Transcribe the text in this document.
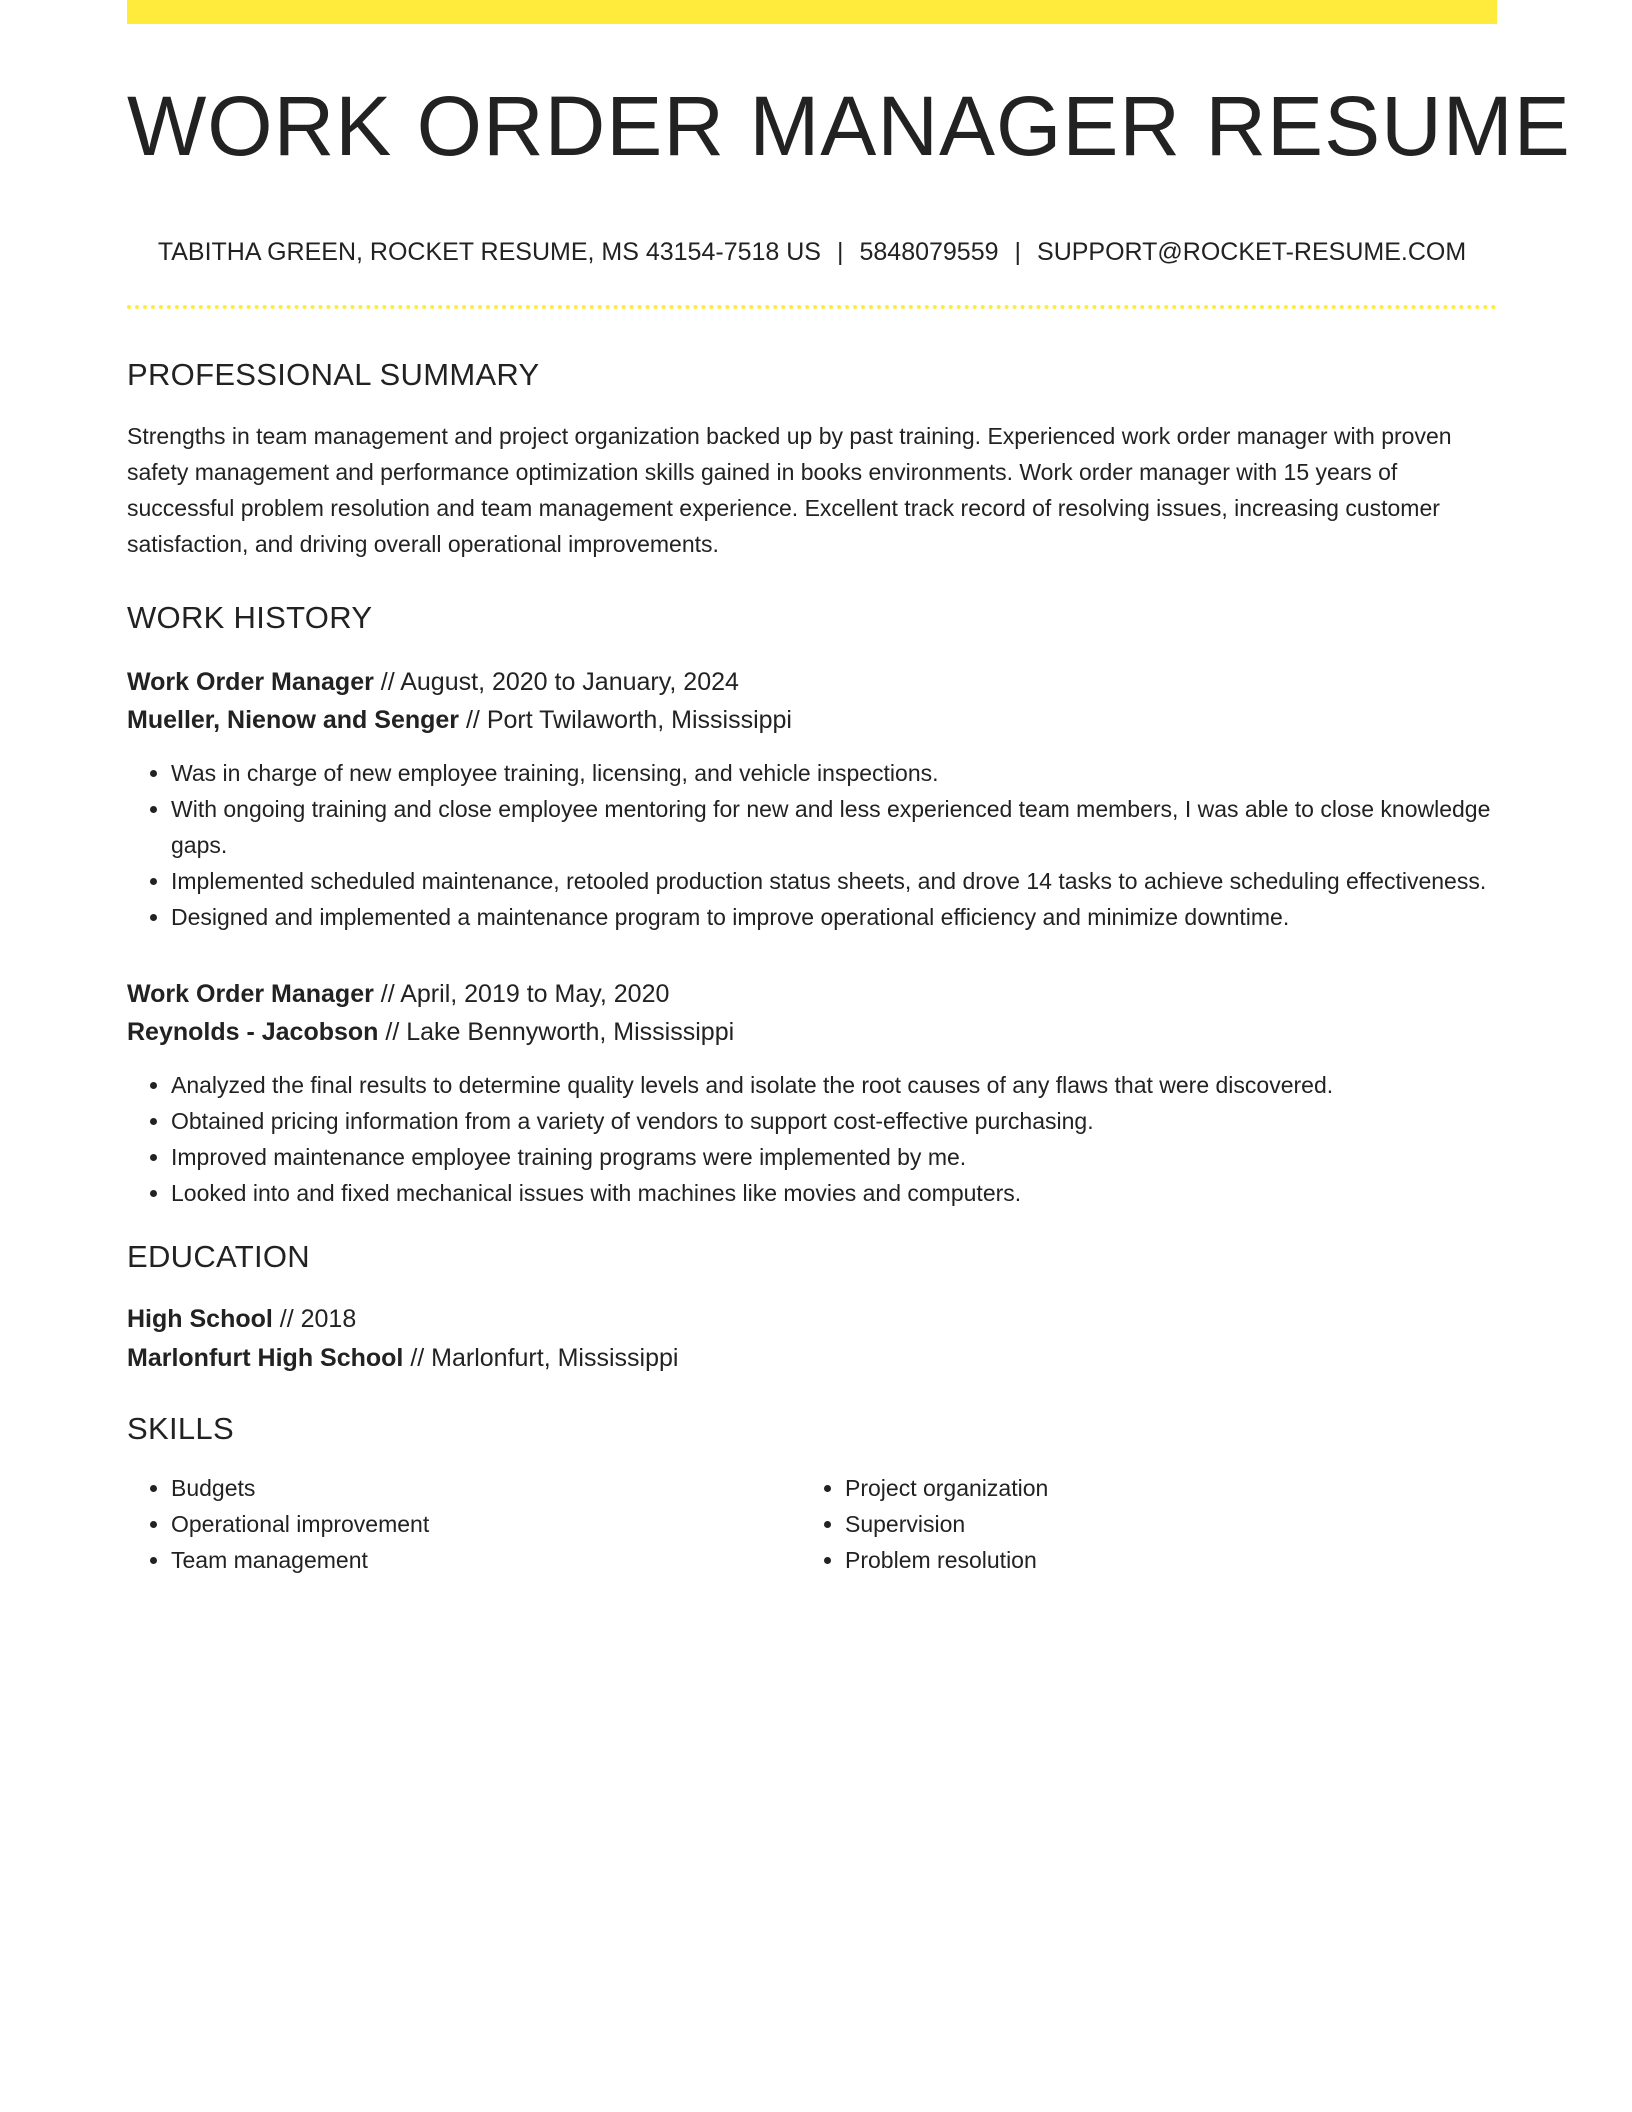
WORK ORDER MANAGER RESUME
TABITHA GREEN, ROCKET RESUME, MS 43154-7518 US | 5848079559 | SUPPORT@ROCKET-RESUME.COM
PROFESSIONAL SUMMARY
Strengths in team management and project organization backed up by past training. Experienced work order manager with proven safety management and performance optimization skills gained in books environments. Work order manager with 15 years of successful problem resolution and team management experience. Excellent track record of resolving issues, increasing customer satisfaction, and driving overall operational improvements.
WORK HISTORY
Work Order Manager // August, 2020 to January, 2024
Mueller, Nienow and Senger // Port Twilaworth, Mississippi
• Was in charge of new employee training, licensing, and vehicle inspections.
• With ongoing training and close employee mentoring for new and less experienced team members, I was able to close knowledge gaps.
• Implemented scheduled maintenance, retooled production status sheets, and drove 14 tasks to achieve scheduling effectiveness.
• Designed and implemented a maintenance program to improve operational efficiency and minimize downtime.
Work Order Manager // April, 2019 to May, 2020
Reynolds - Jacobson // Lake Bennyworth, Mississippi
• Analyzed the final results to determine quality levels and isolate the root causes of any flaws that were discovered.
• Obtained pricing information from a variety of vendors to support cost-effective purchasing.
• Improved maintenance employee training programs were implemented by me.
• Looked into and fixed mechanical issues with machines like movies and computers.
EDUCATION
High School // 2018
Marlonfurt High School // Marlonfurt, Mississippi
SKILLS
• Budgets
• Operational improvement
• Team management
• Project organization
• Supervision
• Problem resolution
